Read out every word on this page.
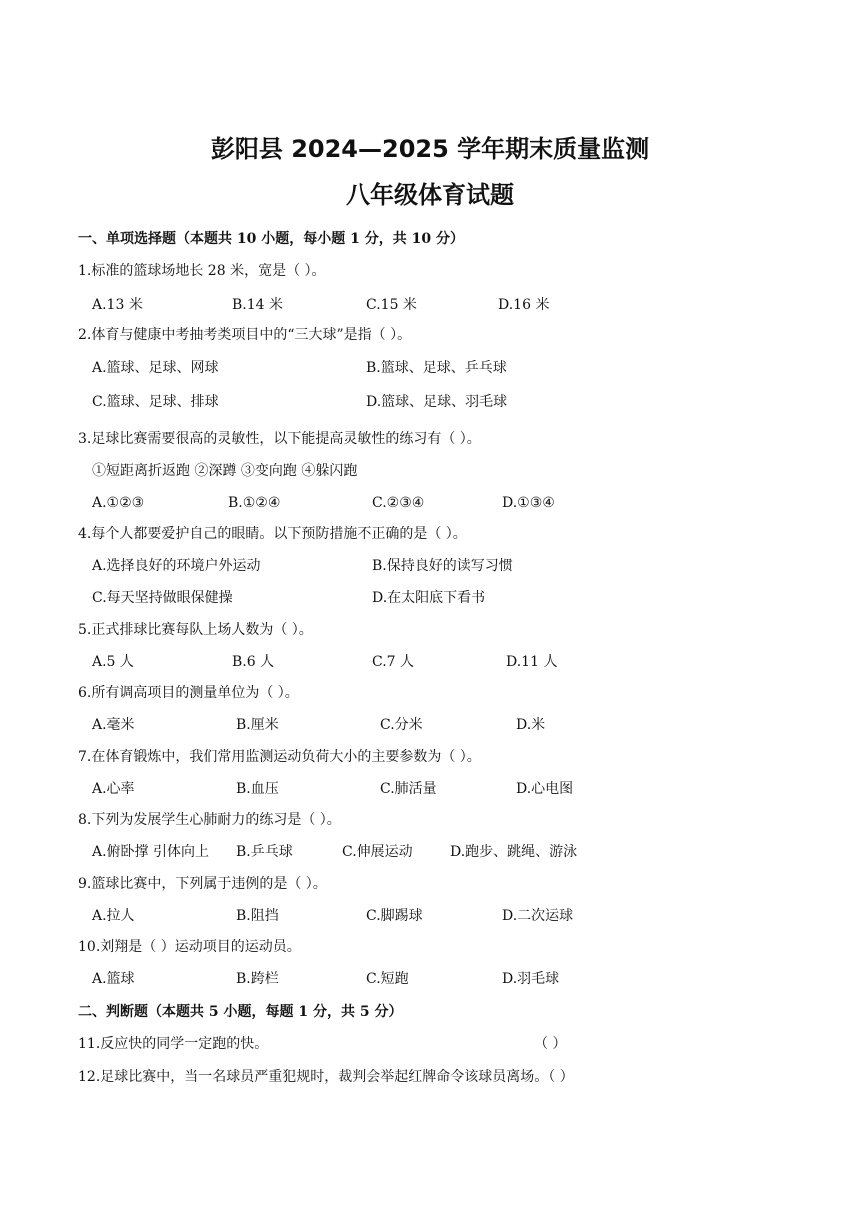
彭阳县 2024—2025 学年期末质量监测
八年级体育试题
一、单项选择题（本题共 10 小题，每小题 1 分，共 10 分）
1.标准的篮球场地长 28 米，宽是（ ）。
A.13 米	B.14 米	C.15 米	D.16 米
2.体育与健康中考抽考类项目中的“三大球”是指（ ）。
A.篮球、足球、网球	B.篮球、足球、乒乓球
C.篮球、足球、排球	D.篮球、足球、羽毛球
3.足球比赛需要很高的灵敏性，以下能提高灵敏性的练习有（ ）。
①短距离折返跑 ②深蹲 ③变向跑 ④躲闪跑
A.①②③	B.①②④	C.②③④	D.①③④
4.每个人都要爱护自己的眼睛。以下预防措施不正确的是（ ）。
A.选择良好的环境户外运动	B.保持良好的读写习惯
C.每天坚持做眼保健操	D.在太阳底下看书
5.正式排球比赛每队上场人数为（ ）。
A.5 人	B.6 人	C.7 人	D.11 人
6.所有调高项目的测量单位为（ ）。
A.毫米	B.厘米	C.分米	D.米
7.在体育锻炼中，我们常用监测运动负荷大小的主要参数为（ ）。
A.心率	B.血压	C.肺活量	D.心电图
8.下列为发展学生心肺耐力的练习是（ ）。
A.俯卧撑 引体向上 B.乒乓球	C.伸展运动	D.跑步、跳绳、游泳
9.篮球比赛中，下列属于违例的是（ ）。
A.拉人	B.阻挡	C.脚踢球	D.二次运球
10.刘翔是（ ）运动项目的运动员。
A.篮球	B.跨栏	C.短跑	D.羽毛球
二、判断题（本题共 5 小题，每题 1 分，共 5 分）
11.反应快的同学一定跑的快。	（ ）
12.足球比赛中，当一名球员严重犯规时，裁判会举起红牌命令该球员离场。（ ）
